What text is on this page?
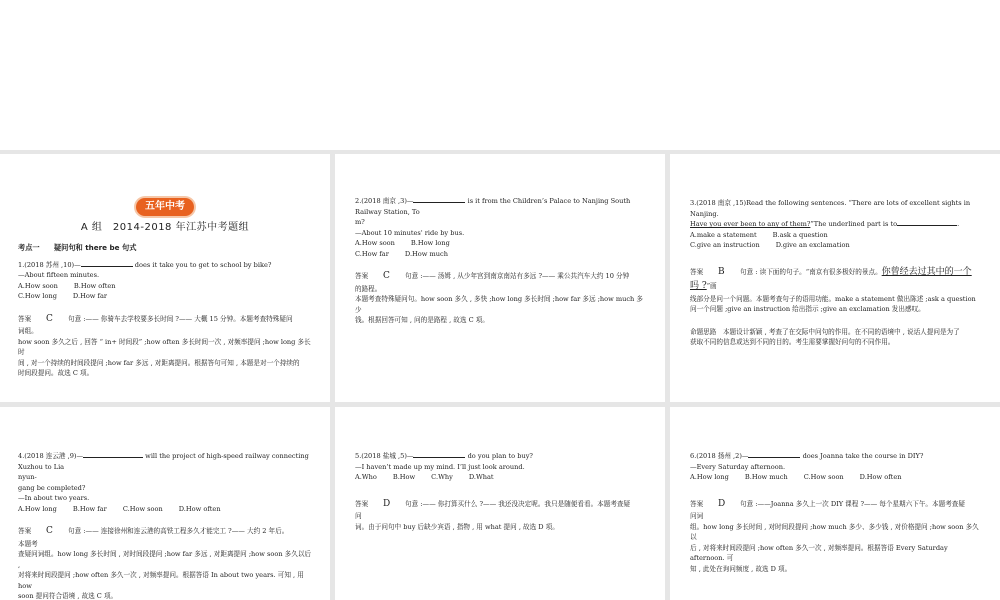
五年中考
A 组　2014-2018 年江苏中考题组
考点一　　疑问句和 there be 句式

1.(2018 苏州 ,10)—	does it take you to get to school by bike?

—About fifteen minutes.

A.How soon B.How often
C.How long D.How far
答案 C 句意 :—— 你骑车去学校要多长时间 ?—— 大概 15 分钟。本题考查特殊疑问
词组。
how soon 多久之后 , 回答 “ in+ 时间段” ;how often 多长时间一次 , 对频率提问 ;how long 多长时
间 , 对一个持续的时间段提问 ;how far 多远 , 对距离提问。根据答句可知 , 本题是对一个持续的
时间段提问。故选 C 项。

2.(2018 南京 ,3)—	is it from the Children’s Palace to Nanjing South Railway Station, To

m?

—About 10 minutes' ride by bus.

A.How soon B.How long
C.How far D.How much
答案 C 句意 :—— 汤姆 , 从少年宫到南京南站有多远 ?—— 乘公共汽车大约 10 分钟
的路程。
本题考查特殊疑问句。how soon 多久 , 多快 ;how long 多长时间 ;how far 多远 ;how much 多少
钱。根据回答可知 , 问的是路程 , 故选 C 项。

3.(2018 南京 ,15)Read the following sentences. “There are lots of excellent sights in Nanjing.

Have you ever been to any of them?”The underlined part is to	.

A.make a statement B.ask a question
C.give an instruction D.give an exclamation
答案 B 句意 : 读下面的句子。“南京有很多极好的景点。你曾经去过其中的一个吗 ?”画
线部分是问一个问题。本题考查句子的语用功能。make a statement 做出陈述 ;ask a question
问一个问题 ;give an instruction 给出指示 ;give an exclamation 发出感叹。
命题思路　 本题设计新颖 , 考查了在交际中问句的作用。在不同的语境中 , 说话人提问是为了
获取不同的信息或达到不同的目的。考生需要掌握好问句的不同作用。

4.(2018 连云港 ,9)—	will the project of high-speed railway connecting Xuzhou to Lia

nyun-

gang be completed?

—In about two years.

A.How long B.How far C.How soon D.How often
答案 C 句意 :—— 连接徐州和连云港的高铁工程多久才能完工 ?—— 大约 2 年后。
本题考
查疑问词组。how long 多长时间 , 对时间段提问 ;how far 多远 , 对距离提问 ;how soon 多久以后 ,
对将来时间段提问 ;how often 多久一次 , 对频率提问。根据答语 In about two years. 可知 , 用 how
soon 提问符合语境 , 故选 C 项。

5.(2018 盐城 ,5)—	do you plan to buy?

—I haven’t made up my mind. I’ll just look around.

A.Who B.How C.Why D.What
答案 D 句意 :—— 你打算买什么 ?—— 我还没决定呢。我只是随便看看。本题考查疑
问
词。由于问句中 buy 后缺少宾语 , 指物 , 用 what 提问 , 故选 D 项。

6.(2018 扬州 ,2)—	does Joanna take the course in DIY?

—Every Saturday afternoon.

A.How long B.How much C.How soon D.How often
答案 D 句意 :——Joanna 多久上一次 DIY 课程 ?—— 每个星期六下午。本题考查疑
问词
组。how long 多长时间 , 对时间段提问 ;how much 多少、多少钱 , 对价格提问 ;how soon 多久以
后 , 对将来时间段提问 ;how often 多久一次 , 对频率提问。根据答语 Every Saturday afternoon. 可
知 , 此处在询问频度 , 故选 D 项。
